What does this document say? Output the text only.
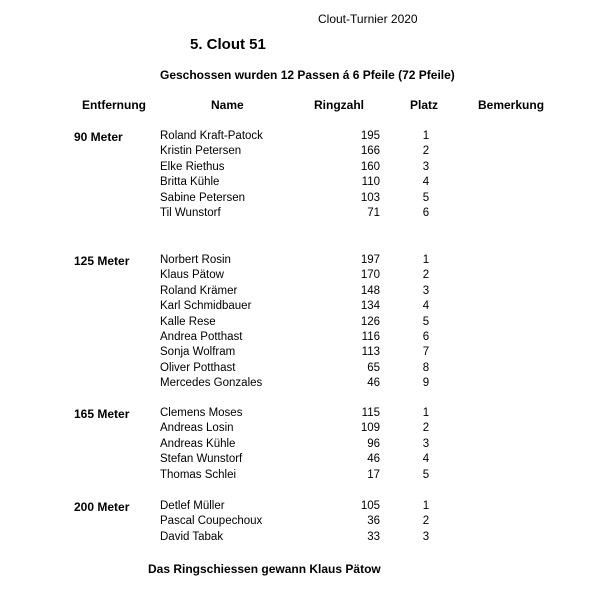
Clout-Turnier 2020
5. Clout 51
Geschossen wurden 12 Passen á 6 Pfeile (72 Pfeile)
Entfernung	Name	Ringzahl	Platz	Bemerkung
90 Meter	Roland Kraft-Patock	195	1
Kristin Petersen	166	2
Elke Riethus	160	3
Britta Kühle	110	4
Sabine Petersen	103	5
Til Wunstorf	71	6
125 Meter	Norbert Rosin	197	1
Klaus Pätow	170	2
Roland Krämer	148	3
Karl Schmidbauer	134	4
Kalle Rese	126	5
Andrea Potthast	116	6
Sonja Wolfram	113	7
Oliver Potthast	65	8
Mercedes Gonzales	46	9
165 Meter	Clemens Moses	115	1
Andreas Losin	109	2
Andreas Kühle	96	3
Stefan Wunstorf	46	4
Thomas Schlei	17	5
200 Meter	Detlef Müller	105	1
Pascal Coupechoux	36	2
David Tabak	33	3
Das Ringschiessen gewann Klaus Pätow
